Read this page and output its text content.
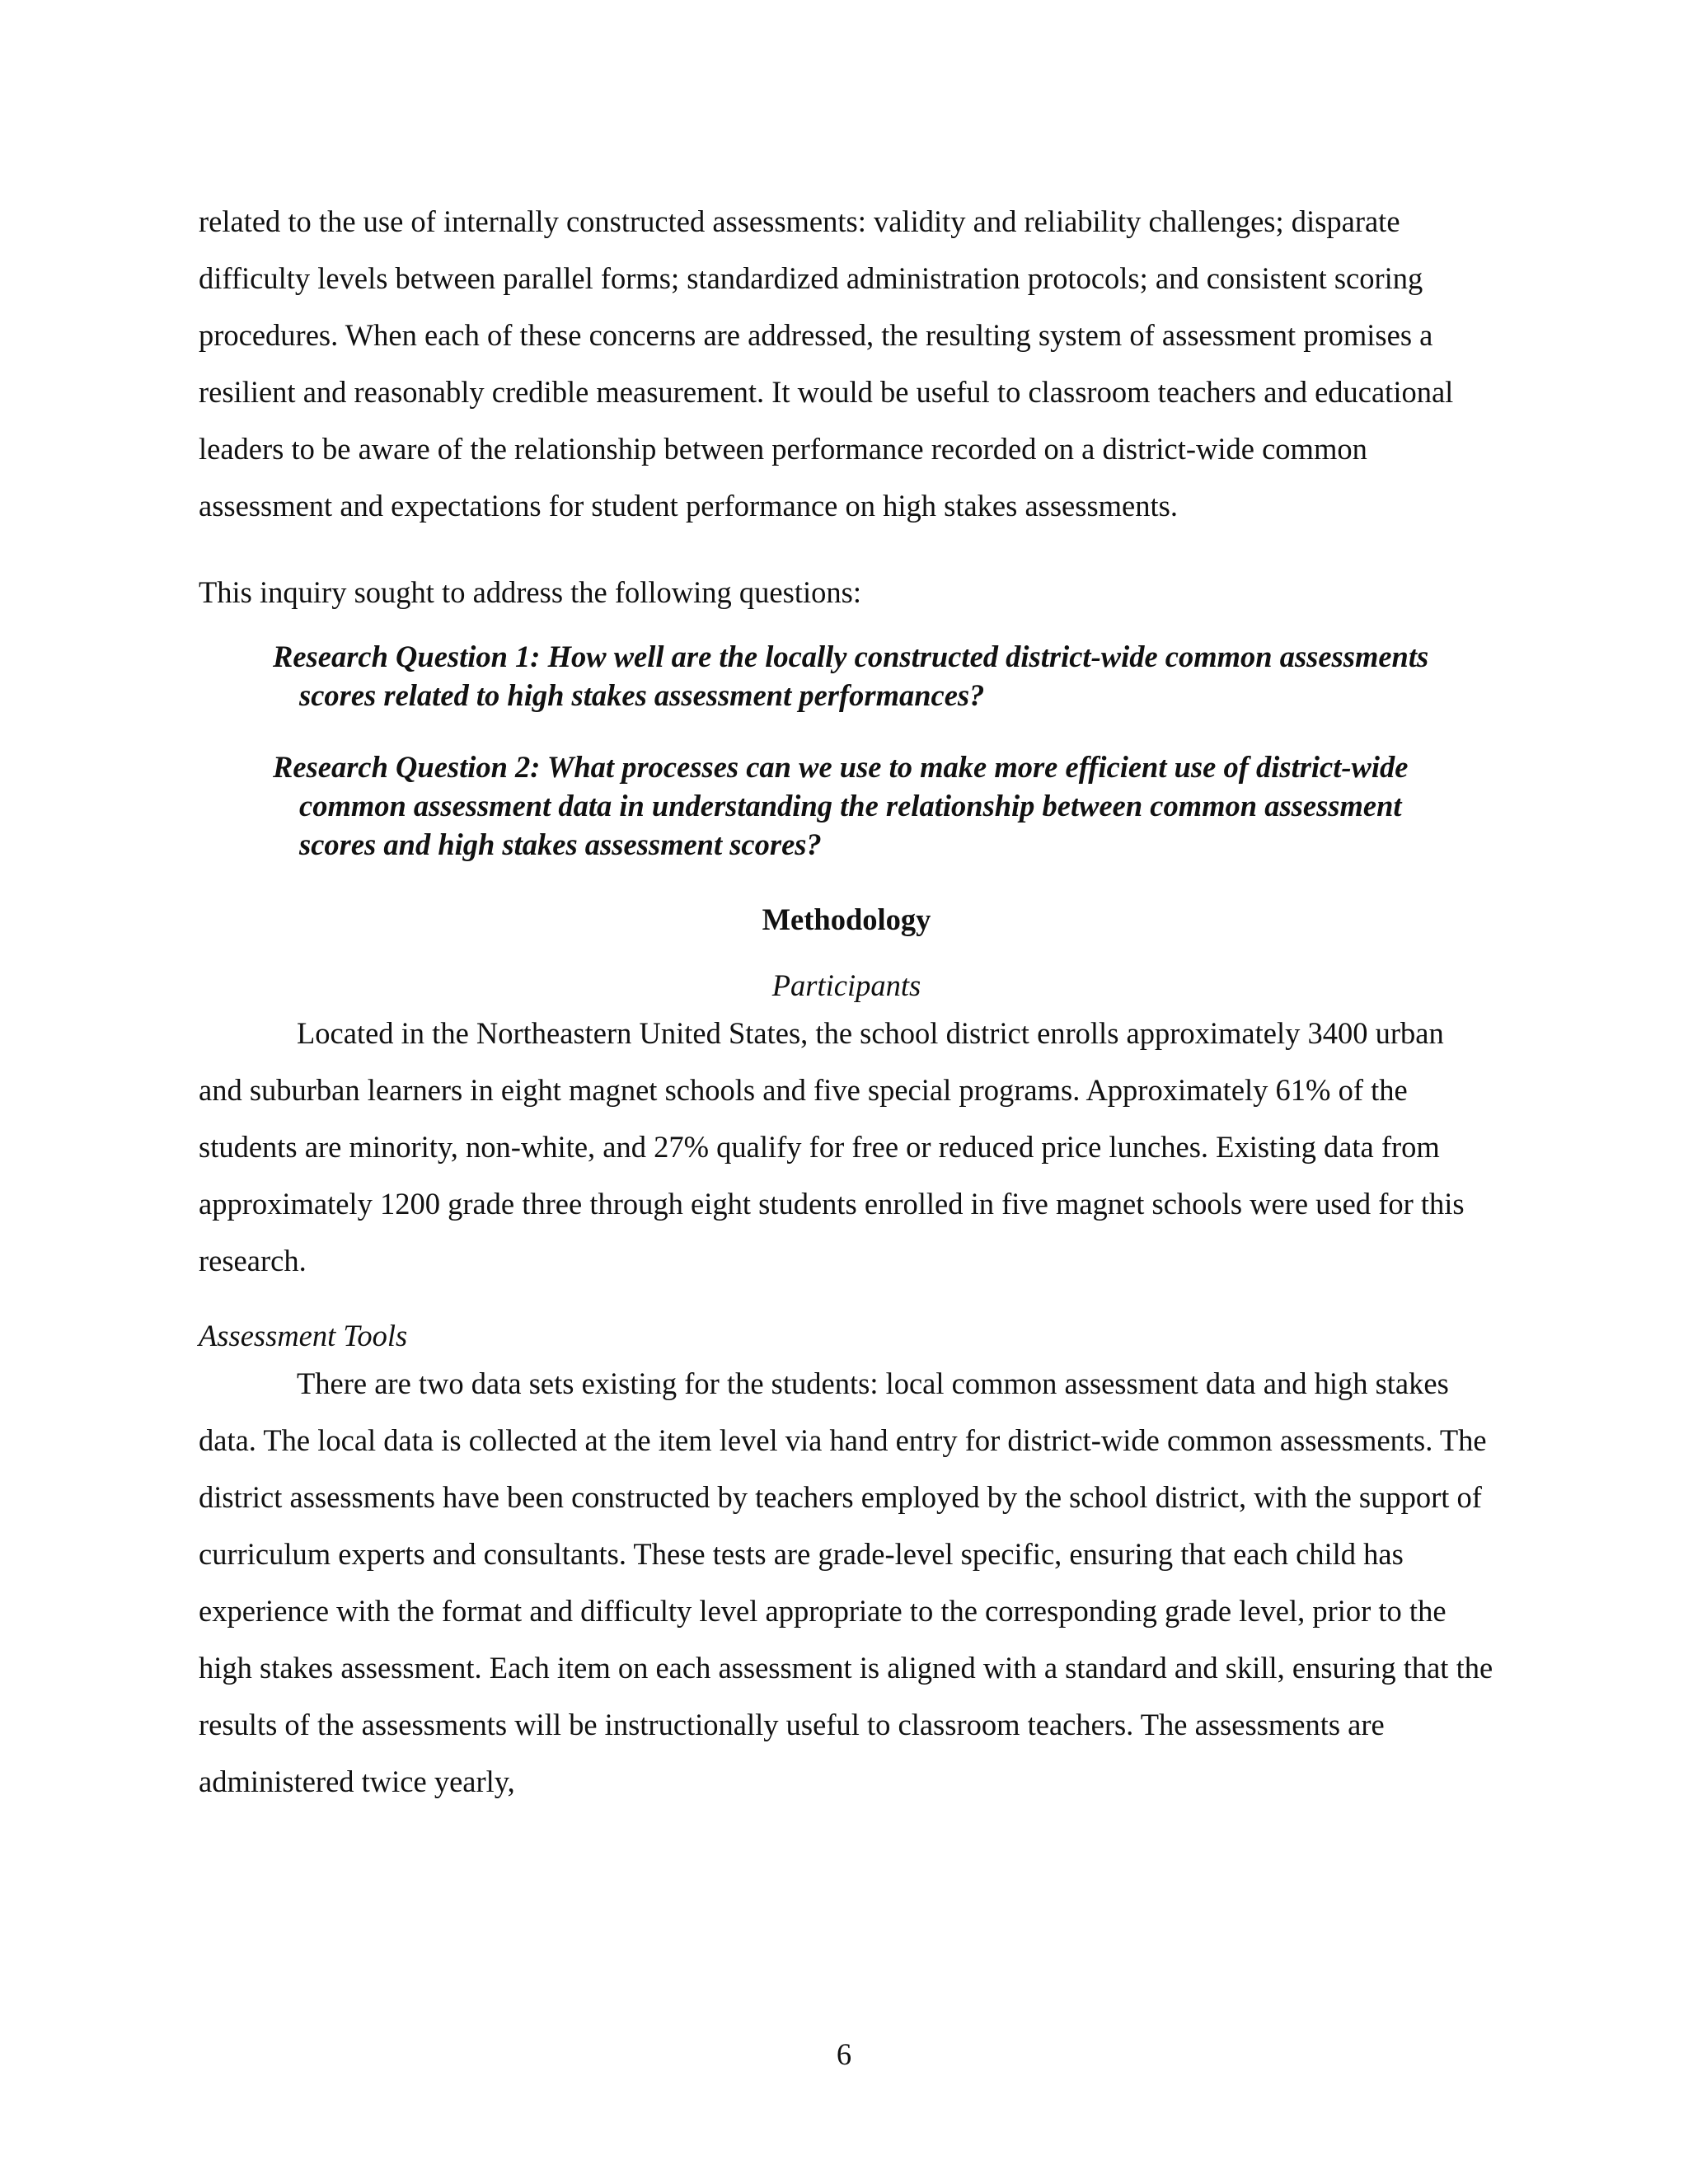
related to the use of internally constructed assessments: validity and reliability challenges; disparate difficulty levels between parallel forms; standardized administration protocols; and consistent scoring procedures. When each of these concerns are addressed, the resulting system of assessment promises a resilient and reasonably credible measurement. It would be useful to classroom teachers and educational leaders to be aware of the relationship between performance recorded on a district-wide common assessment and expectations for student performance on high stakes assessments.

This inquiry sought to address the following questions:

Research Question 1: How well are the locally constructed district-wide common assessments scores related to high stakes assessment performances?

Research Question 2: What processes can we use to make more efficient use of district-wide common assessment data in understanding the relationship between common assessment scores and high stakes assessment scores?

Methodology
Participants

Located in the Northeastern United States, the school district enrolls approximately 3400 urban and suburban learners in eight magnet schools and five special programs. Approximately 61% of the students are minority, non-white, and 27% qualify for free or reduced price lunches. Existing data from approximately 1200 grade three through eight students enrolled in five magnet schools were used for this research.

Assessment Tools

There are two data sets existing for the students: local common assessment data and high stakes data. The local data is collected at the item level via hand entry for district-wide common assessments. The district assessments have been constructed by teachers employed by the school district, with the support of curriculum experts and consultants. These tests are grade-level specific, ensuring that each child has experience with the format and difficulty level appropriate to the corresponding grade level, prior to the high stakes assessment. Each item on each assessment is aligned with a standard and skill, ensuring that the results of the assessments will be instructionally useful to classroom teachers. The assessments are administered twice yearly,

6
